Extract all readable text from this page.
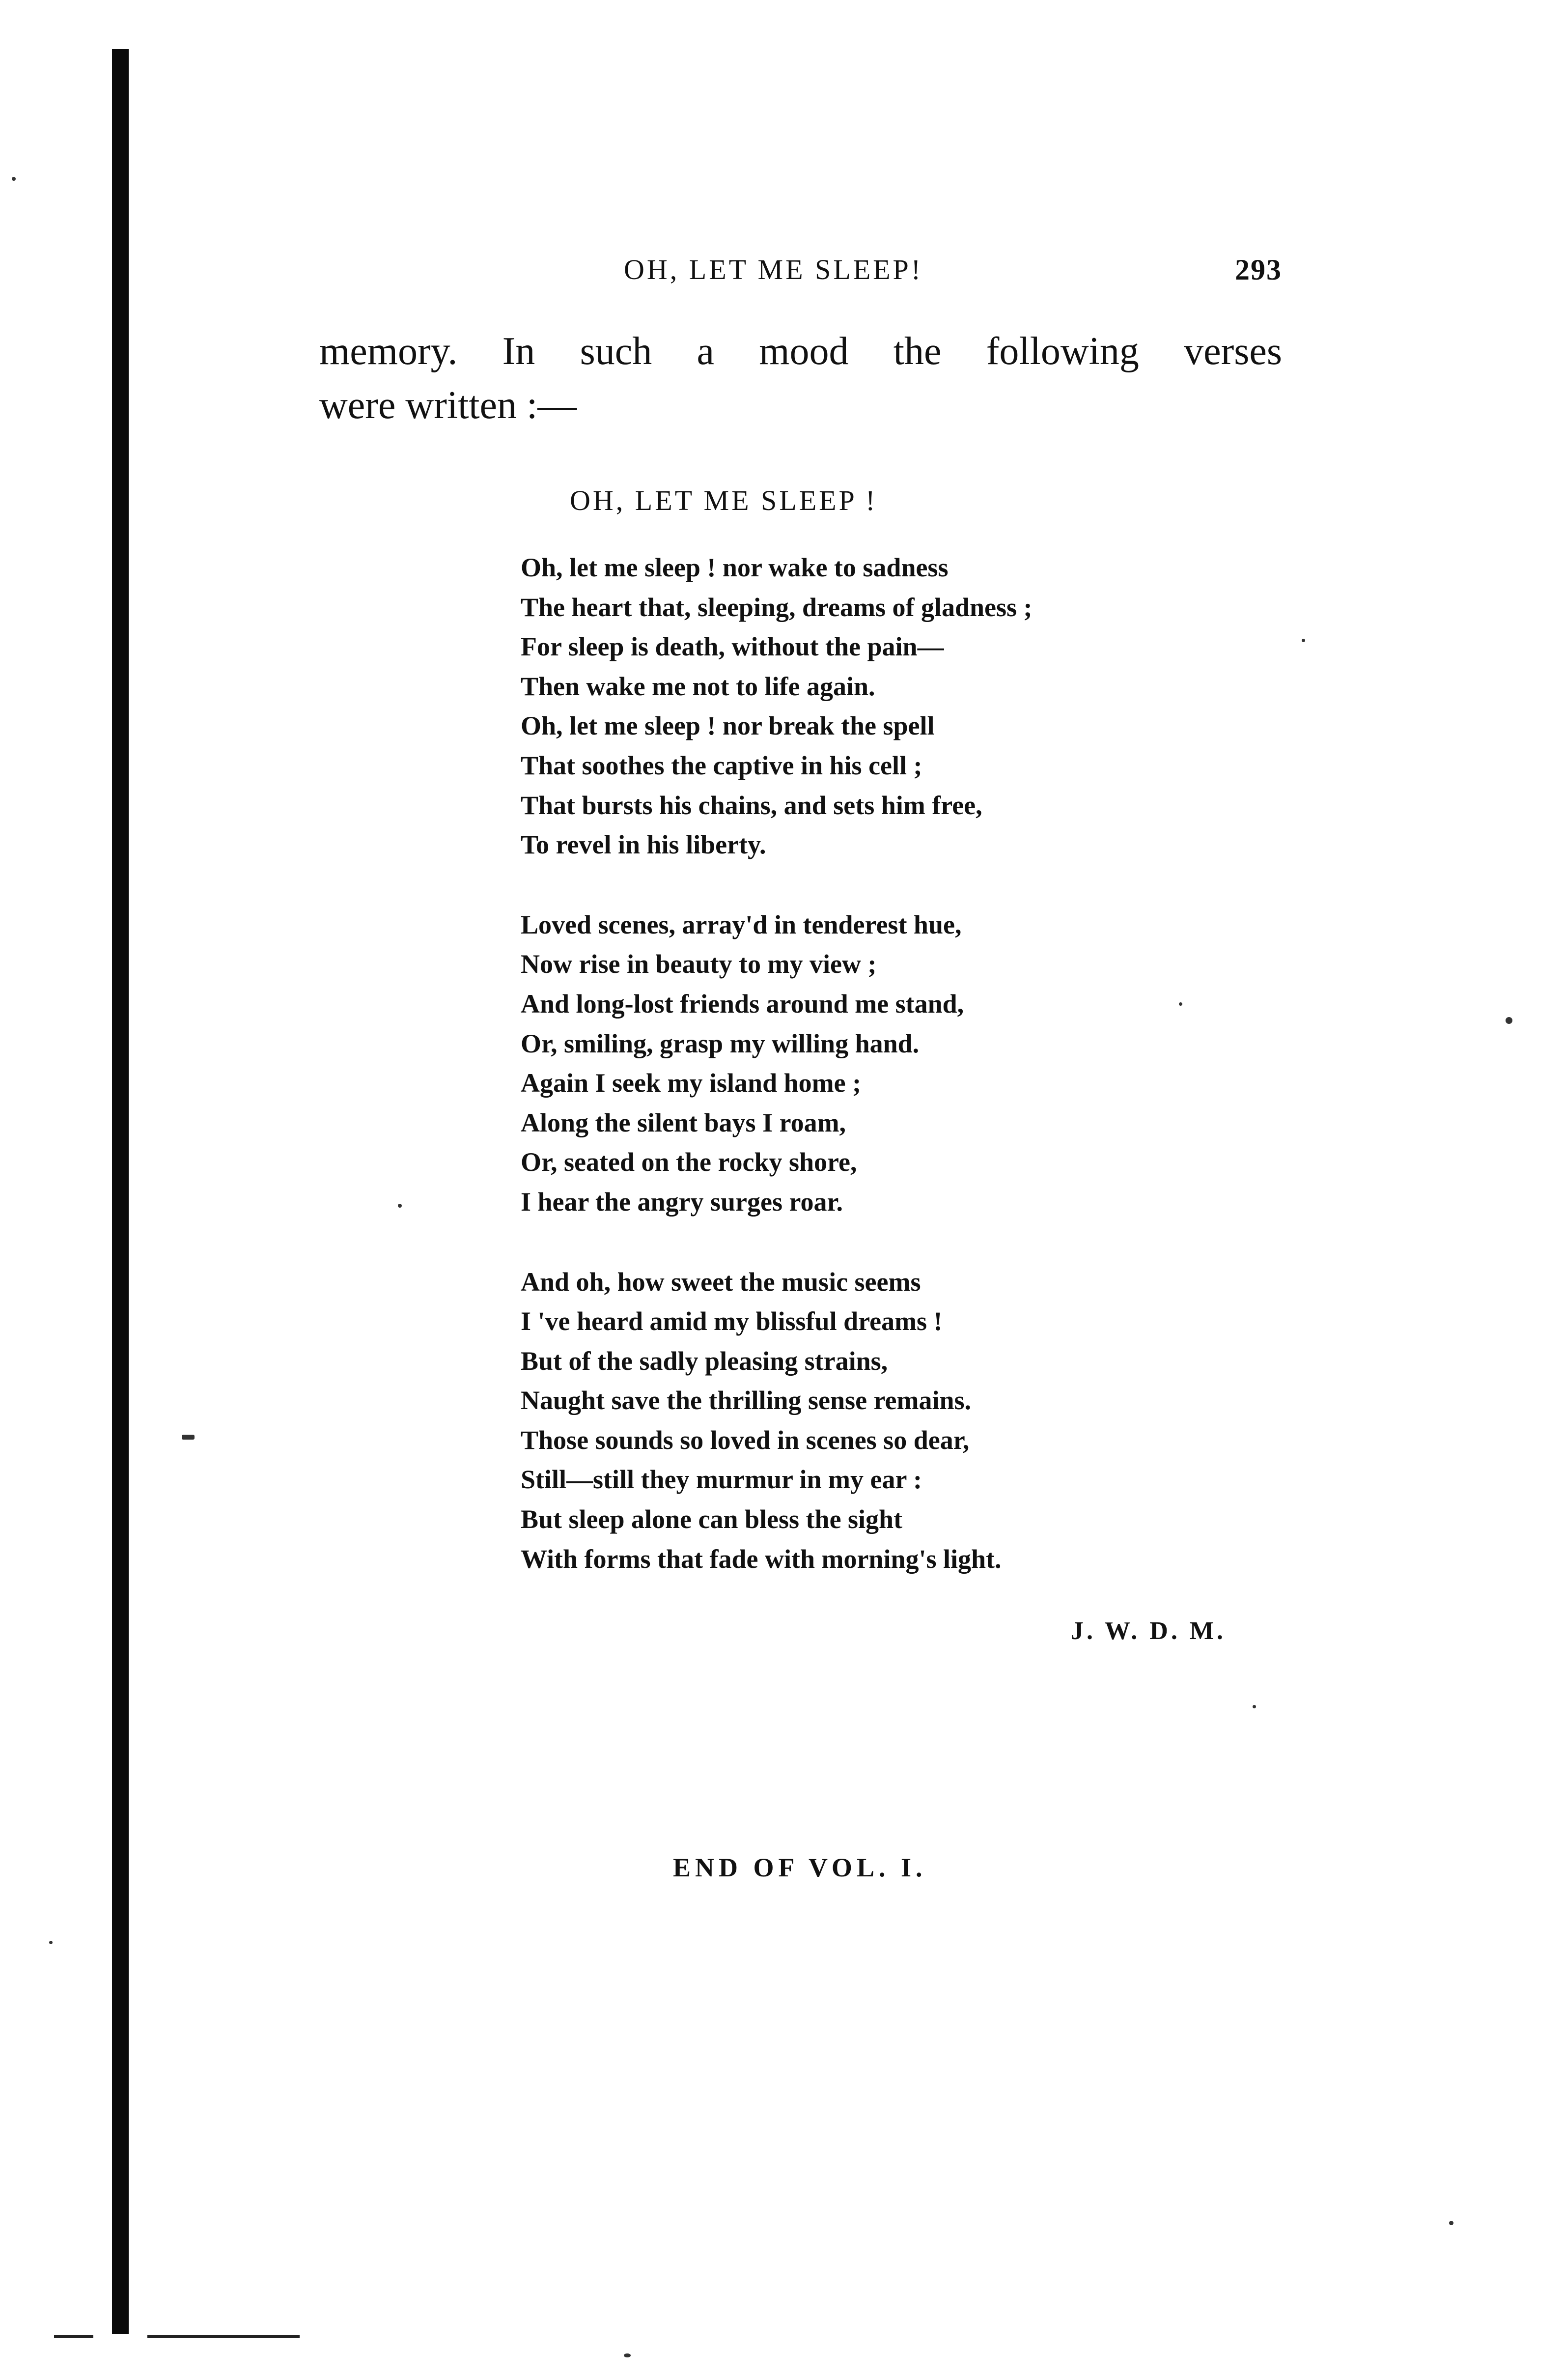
OH, LET ME SLEEP!	293
memory. In such a mood the following verses
were written :—
OH, LET ME SLEEP !
Oh, let me sleep ! nor wake to sadness
The heart that, sleeping, dreams of gladness ;
For sleep is death, without the pain—
Then wake me not to life again.
Oh, let me sleep ! nor break the spell
That soothes the captive in his cell ;
That bursts his chains, and sets him free,
To revel in his liberty.
Loved scenes, array'd in tenderest hue,
Now rise in beauty to my view ;
And long-lost friends around me stand,
Or, smiling, grasp my willing hand.
Again I seek my island home ;
Along the silent bays I roam,
Or, seated on the rocky shore,
I hear the angry surges roar.
And oh, how sweet the music seems
I 've heard amid my blissful dreams !
But of the sadly pleasing strains,
Naught save the thrilling sense remains.
Those sounds so loved in scenes so dear,
Still—still they murmur in my ear :
But sleep alone can bless the sight
With forms that fade with morning's light.
J. W. D. M.
END OF VOL. I.
